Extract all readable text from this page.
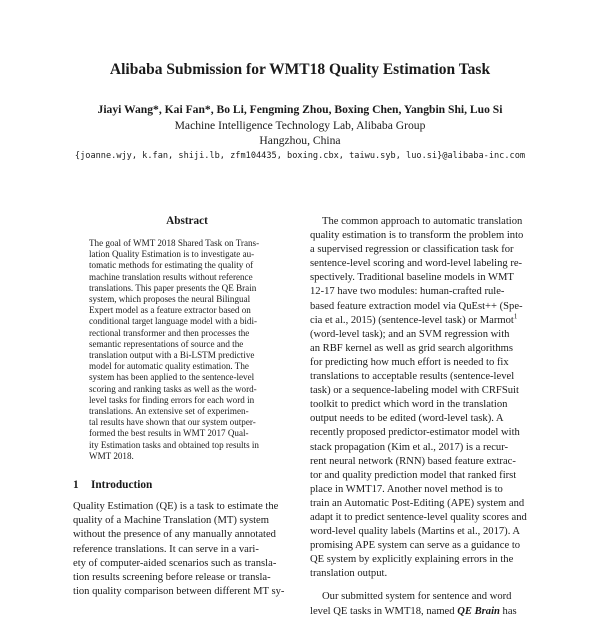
Alibaba Submission for WMT18 Quality Estimation Task
Jiayi Wang*, Kai Fan*, Bo Li, Fengming Zhou, Boxing Chen, Yangbin Shi, Luo Si
Machine Intelligence Technology Lab, Alibaba Group
Hangzhou, China
{joanne.wjy, k.fan, shiji.lb, zfm104435, boxing.cbx, taiwu.syb, luo.si}@alibaba-inc.com
Abstract
The goal of WMT 2018 Shared Task on Trans-
lation Quality Estimation is to investigate au-
tomatic methods for estimating the quality of
machine translation results without reference
translations. This paper presents the QE Brain
system, which proposes the neural Bilingual
Expert model as a feature extractor based on
conditional target language model with a bidi-
rectional transformer and then processes the
semantic representations of source and the
translation output with a Bi-LSTM predictive
model for automatic quality estimation. The
system has been applied to the sentence-level
scoring and ranking tasks as well as the word-
level tasks for finding errors for each word in
translations. An extensive set of experimen-
tal results have shown that our system outper-
formed the best results in WMT 2017 Qual-
ity Estimation tasks and obtained top results in
WMT 2018.
1 Introduction
Quality Estimation (QE) is a task to estimate the
quality of a Machine Translation (MT) system
without the presence of any manually annotated
reference translations. It can serve in a vari-
ety of computer-aided scenarios such as transla-
tion results screening before release or transla-
tion quality comparison between different MT sy-
The common approach to automatic translation
quality estimation is to transform the problem into
a supervised regression or classification task for
sentence-level scoring and word-level labeling re-
spectively. Traditional baseline models in WMT
12-17 have two modules: human-crafted rule-
based feature extraction model via QuEst++ (Spe-
cia et al., 2015) (sentence-level task) or Marmot$^1$
(word-level task); and an SVM regression with
an RBF kernel as well as grid search algorithms
for predicting how much effort is needed to fix
translations to acceptable results (sentence-level
task) or a sequence-labeling model with CRFSuit
toolkit to predict which word in the translation
output needs to be edited (word-level task). A
recently proposed predictor-estimator model with
stack propagation (Kim et al., 2017) is a recur-
rent neural network (RNN) based feature extrac-
tor and quality prediction model that ranked first
place in WMT17. Another novel method is to
train an Automatic Post-Editing (APE) system and
adapt it to predict sentence-level quality scores and
word-level quality labels (Martins et al., 2017). A
promising APE system can serve as a guidance to
QE system by explicitly explaining errors in the
translation output.
Our submitted system for sentence and word
level QE tasks in WMT18, named QE Brain has
